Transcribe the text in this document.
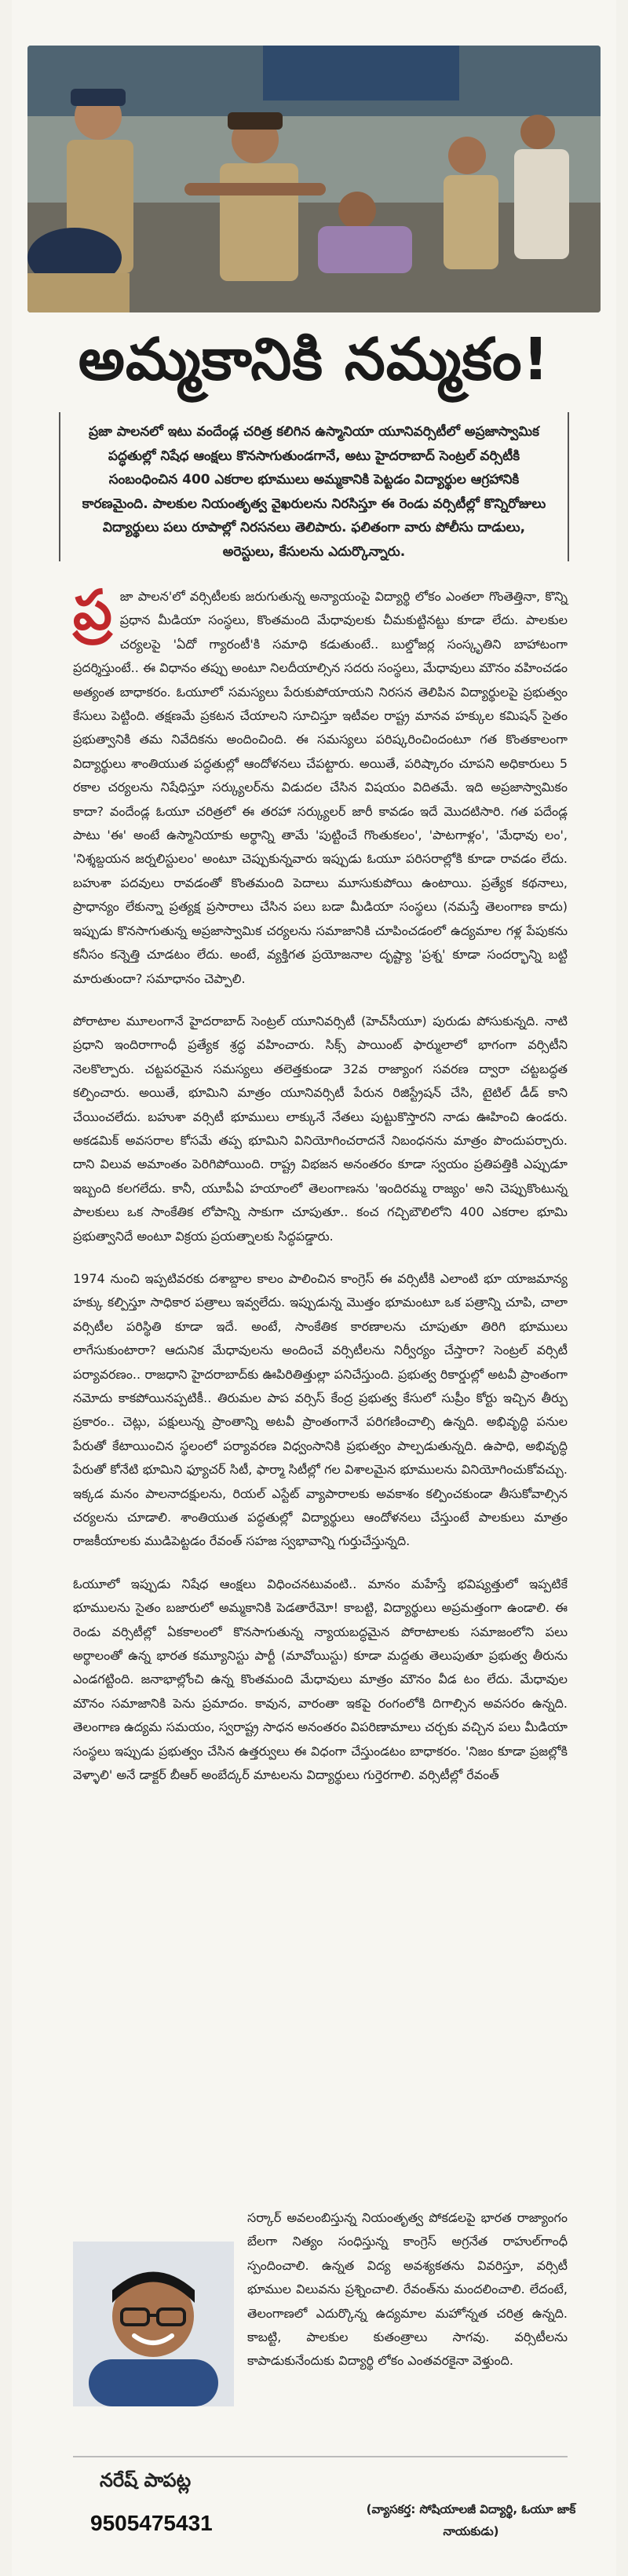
అమ్మకానికి నమ్మకం!
ప్రజా పాలనలో ఇటు వందేండ్ల చరిత్ర కలిగిన ఉస్మానియా యూనివర్సిటీలో అప్రజాస్వామిక పద్ధతుల్లో నిషేధ ఆంక్షలు కొనసాగుతుండగానే, అటు హైదరాబాద్ సెంట్రల్ వర్సిటీకి సంబంధించిన 400 ఎకరాల భూములు అమ్మకానికి పెట్టడం విద్యార్థుల ఆగ్రహానికి కారణమైంది. పాలకుల నియంతృత్వ వైఖరులను నిరసిస్తూ ఈ రెండు వర్సిటీల్లో కొన్నిరోజులు విద్యార్థులు పలు రూపాల్లో నిరసనలు తెలిపారు. ఫలితంగా వారు పోలీసు దాడులు, అరెస్టులు, కేసులను ఎదుర్కొన్నారు.

ప్ర జా పాలన'లో వర్సిటీలకు జరుగుతున్న అన్యాయంపై విద్యార్థి లోకం ఎంతలా గొంతెత్తినా, కొన్ని ప్రధాన మీడియా సంస్థలు, కొంతమంది మేధావులకు చీమకుట్టినట్టు కూడా లేదు. పాలకుల చర్యలపై 'ఏదో గ్యారంటీ'కి సమాధి కడుతుంటే.. బుల్డోజర్ల సంస్కృతిని బాహాటంగా ప్రదర్శిస్తుంటే.. ఈ విధానం తప్పు అంటూ నిలదీయాల్సిన సదరు సంస్థలు, మేధావులు మౌనం వహించడం అత్యంత బాధాకరం. ఓయూలో సమస్యలు పేరుకుపోయాయని నిరసన తెలిపిన విద్యార్థులపై ప్రభుత్వం కేసులు పెట్టింది. తక్షణమే ప్రకటన చేయాలని సూచిస్తూ ఇటీవల రాష్ట్ర మానవ హక్కుల కమిషన్ సైతం ప్రభుత్వానికి తమ నివేదికను అందించింది. ఈ సమస్యలు పరిష్కరించిందంటూ గత కొంతకాలంగా విద్యార్థులు శాంతియుత పద్ధతుల్లో ఆందోళనలు చేపట్టారు. అయితే, పరిష్కారం చూపని అధికారులు 5 రకాల చర్యలను నిషేధిస్తూ సర్క్యులర్‌ను విడుదల చేసిన విషయం విదితమే. ఇది అప్రజాస్వామికం కాదా? వందేండ్ల ఓయూ చరిత్రలో ఈ తరహా సర్క్యులర్ జారీ కావడం ఇదే మొదటిసారి. గత పదేండ్ల పాటు 'ఈ' అంటే ఉస్మానియాకు అర్థాన్ని తామే 'పుట్టించే గొంతుకలం', 'పాటగాళ్లం', 'మేధావు లం', 'నిశ్శబ్దయన జర్నలిస్టులం' అంటూ చెప్పుకున్నవారు ఇప్పుడు ఓయూ పరిసరాల్లోకి కూడా రావడం లేదు. బహుశా పదవులు రావడంతో కొంతమంది పెదాలు మూసుకుపోయి ఉంటాయి. ప్రత్యేక కథనాలు, ప్రాధాన్యం లేకున్నా ప్రత్యక్ష ప్రసారాలు చేసిన పలు బడా మీడియా సంస్థలు (నమస్తే తెలంగాణ కాదు) ఇప్పుడు కొనసాగుతున్న అప్రజాస్వామిక చర్యలను సమాజానికి చూపించడంలో ఉద్యమాల గళ్ల పేపుకను కనీసం కన్నెత్తి చూడటం లేదు. అంటే, వ్యక్తిగత ప్రయోజనాల దృష్ట్యా 'ప్రశ్న' కూడా సందర్భాన్ని బట్టి మారుతుందా? సమాధానం చెప్పాలి.

పోరాటాల మూలంగానే హైదరాబాద్ సెంట్రల్ యూనివర్సిటీ (హెచ్‌సీయూ) పురుడు పోసుకున్నది. నాటి ప్రధాని ఇందిరాగాంధీ ప్రత్యేక శ్రద్ధ వహించారు. సిక్స్ పాయింట్ ఫార్ములాలో భాగంగా వర్సిటీని నెలకొల్పారు. చట్టపరమైన సమస్యలు తలెత్తకుండా 32వ రాజ్యాంగ సవరణ ద్వారా చట్టబద్ధత కల్పించారు. అయితే, భూమిని మాత్రం యూనివర్సిటీ పేరున రిజిస్ట్రేషన్ చేసి, టైటిల్ డీడ్ కాని చేయించలేదు. బహుశా వర్సిటీ భూములు లాక్కునే నేతలు పుట్టుకొస్తారని నాడు ఊహించి ఉండరు. అకడమిక్ అవసరాల కోసమే తప్ప భూమిని వినియోగించరాదనే నిబంధనను మాత్రం పొందుపర్చారు. దాని విలువ అమాంతం పెరిగిపోయింది. రాష్ట్ర విభజన అనంతరం కూడా స్వయం ప్రతిపత్తికి ఎప్పుడూ ఇబ్బంది కలగలేదు. కానీ, యూపీఏ హయాంలో తెలంగాణను 'ఇందిరమ్మ రాజ్యం' అని చెప్పుకొంటున్న పాలకులు ఒక సాంకేతిక లోపాన్ని సాకుగా చూపుతూ.. కంచ గచ్చిబౌలిలోని 400 ఎకరాల భూమి ప్రభుత్వానిదే అంటూ విక్రయ ప్రయత్నాలకు సిద్ధపడ్డారు.

1974 నుంచి ఇప్పటివరకు దశాబ్దాల కాలం పాలించిన కాంగ్రెస్ ఈ వర్సిటీకి ఎలాంటి భూ యాజమాన్య హక్కు కల్పిస్తూ సాధికార పత్రాలు ఇవ్వలేదు. ఇప్పుడున్న మొత్తం భూమంటూ ఒక పత్రాన్ని చూపి, చాలా వర్సిటీల పరిస్థితి కూడా ఇదే. అంటే, సాంకేతిక కారణాలను చూపుతూ తిరిగి భూములు లాగేసుకుంటారా? ఆదునిక మేధావులను అందించే వర్సిటీలను నిర్వీర్యం చేస్తారా? సెంట్రల్ వర్సిటీ పర్యావరణం.. రాజధాని హైదరాబాద్‌కు ఊపిరితిత్తుల్లా పనిచేస్తుంది. ప్రభుత్వ రికార్డుల్లో అటవీ ప్రాంతంగా నమోదు కాకపోయినప్పటికీ.. తిరుమల పాప వర్సిస్ కేంద్ర ప్రభుత్వ కేసులో సుప్రీం కోర్టు ఇచ్చిన తీర్పు ప్రకారం.. చెట్లు, పక్షులున్న ప్రాంతాన్ని అటవీ ప్రాంతంగానే పరిగణించాల్సి ఉన్నది. అభివృద్ధి పనుల పేరుతో కేటాయించిన స్థలంలో పర్యావరణ విధ్వంసానికి ప్రభుత్వం పాల్పడుతున్నది. ఉపాధి, అభివృద్ధి పేరుతో కోనేటి భూమిని ఫ్యూచర్ సిటీ, ఫార్మా సిటీల్లో గల విశాలమైన భూములను వినియోగించుకోవచ్చు. ఇక్కడ మనం పాలనాదక్షులను, రియల్ ఎస్టేట్ వ్యాపారాలకు అవకాశం కల్పించకుండా తీసుకోవాల్సిన చర్యలను చూడాలి. శాంతియుత పద్ధతుల్లో విద్యార్థులు ఆందోళనలు చేస్తుంటే పాలకులు మాత్రం రాజకీయాలకు ముడిపెట్టడం రేవంత్ సహజ స్వభావాన్ని గుర్తుచేస్తున్నది.

ఓయూలో ఇప్పుడు నిషేధ ఆంక్షలు విధించనటువంటి.. మానం మహేస్తే భవిష్యత్తులో ఇప్పటికే భూములను సైతం బజారులో అమ్మకానికి పెడతారేమో! కాబట్టి, విద్యార్థులు అప్రమత్తంగా ఉండాలి. ఈ రెండు వర్సిటీల్లో ఏకకాలంలో కొనసాగుతున్న న్యాయబద్ధమైన పోరాటాలకు సమాజంలోని పలు అర్థాలంతో ఉన్న భారత కమ్యూనిస్టు పార్టీ (మావోయిస్టు) కూడా మద్దతు తెలుపుతూ ప్రభుత్వ తీరును ఎండగట్టింది. జనాభాల్లోంచి ఉన్న కొంతమంది మేధావులు మాత్రం మౌనం వీడ టం లేదు. మేధావుల మౌనం సమాజానికి పెను ప్రమాదం. కావున, వారంతా ఇకపై రంగంలోకి దిగాల్సిన అవసరం ఉన్నది. తెలంగాణ ఉద్యమ సమయం, స్వరాష్ట్ర సాధన అనంతరం విపరిణామాలు చర్చకు వచ్చిన పలు మీడియా సంస్థలు ఇప్పుడు ప్రభుత్వం చేసిన ఉత్తర్వులు ఈ విధంగా చేస్తుండటం బాధాకరం. 'నిజం కూడా ప్రజల్లోకి వెళ్ళాలి' అనే డాక్టర్ బీఆర్ అంబేద్కర్ మాటలను విద్యార్థులు గుర్తెరగాలి. వర్సిటీల్లో రేవంత్

సర్కార్ అవలంబిస్తున్న నియంతృత్వ పోకడలపై భారత రాజ్యాంగం బేలగా నిత్యం సంధిస్తున్న కాంగ్రెస్ అగ్రనేత రాహుల్‌గాంధీ స్పందించాలి. ఉన్నత విద్య అవశ్యకతను వివరిస్తూ, వర్సిటీ భూముల విలువను ప్రశ్నించాలి. రేవంత్‌ను మందలించాలి. లేదంటే, తెలంగాణలో ఎదుర్కొన్న ఉద్యమాల మహోన్నత చరిత్ర ఉన్నది. కాబట్టి, పాలకుల కుతంత్రాలు సాగవు. వర్సిటీలను కాపాడుకునేందుకు విద్యార్థి లోకం ఎంతవరకైనా వెళ్తుంది.
నరేష్ పాపట్ల
9505475431
(వ్యాసకర్త: సోషియాలజీ విద్యార్థి, ఓయూ జాక్ నాయకుడు)
